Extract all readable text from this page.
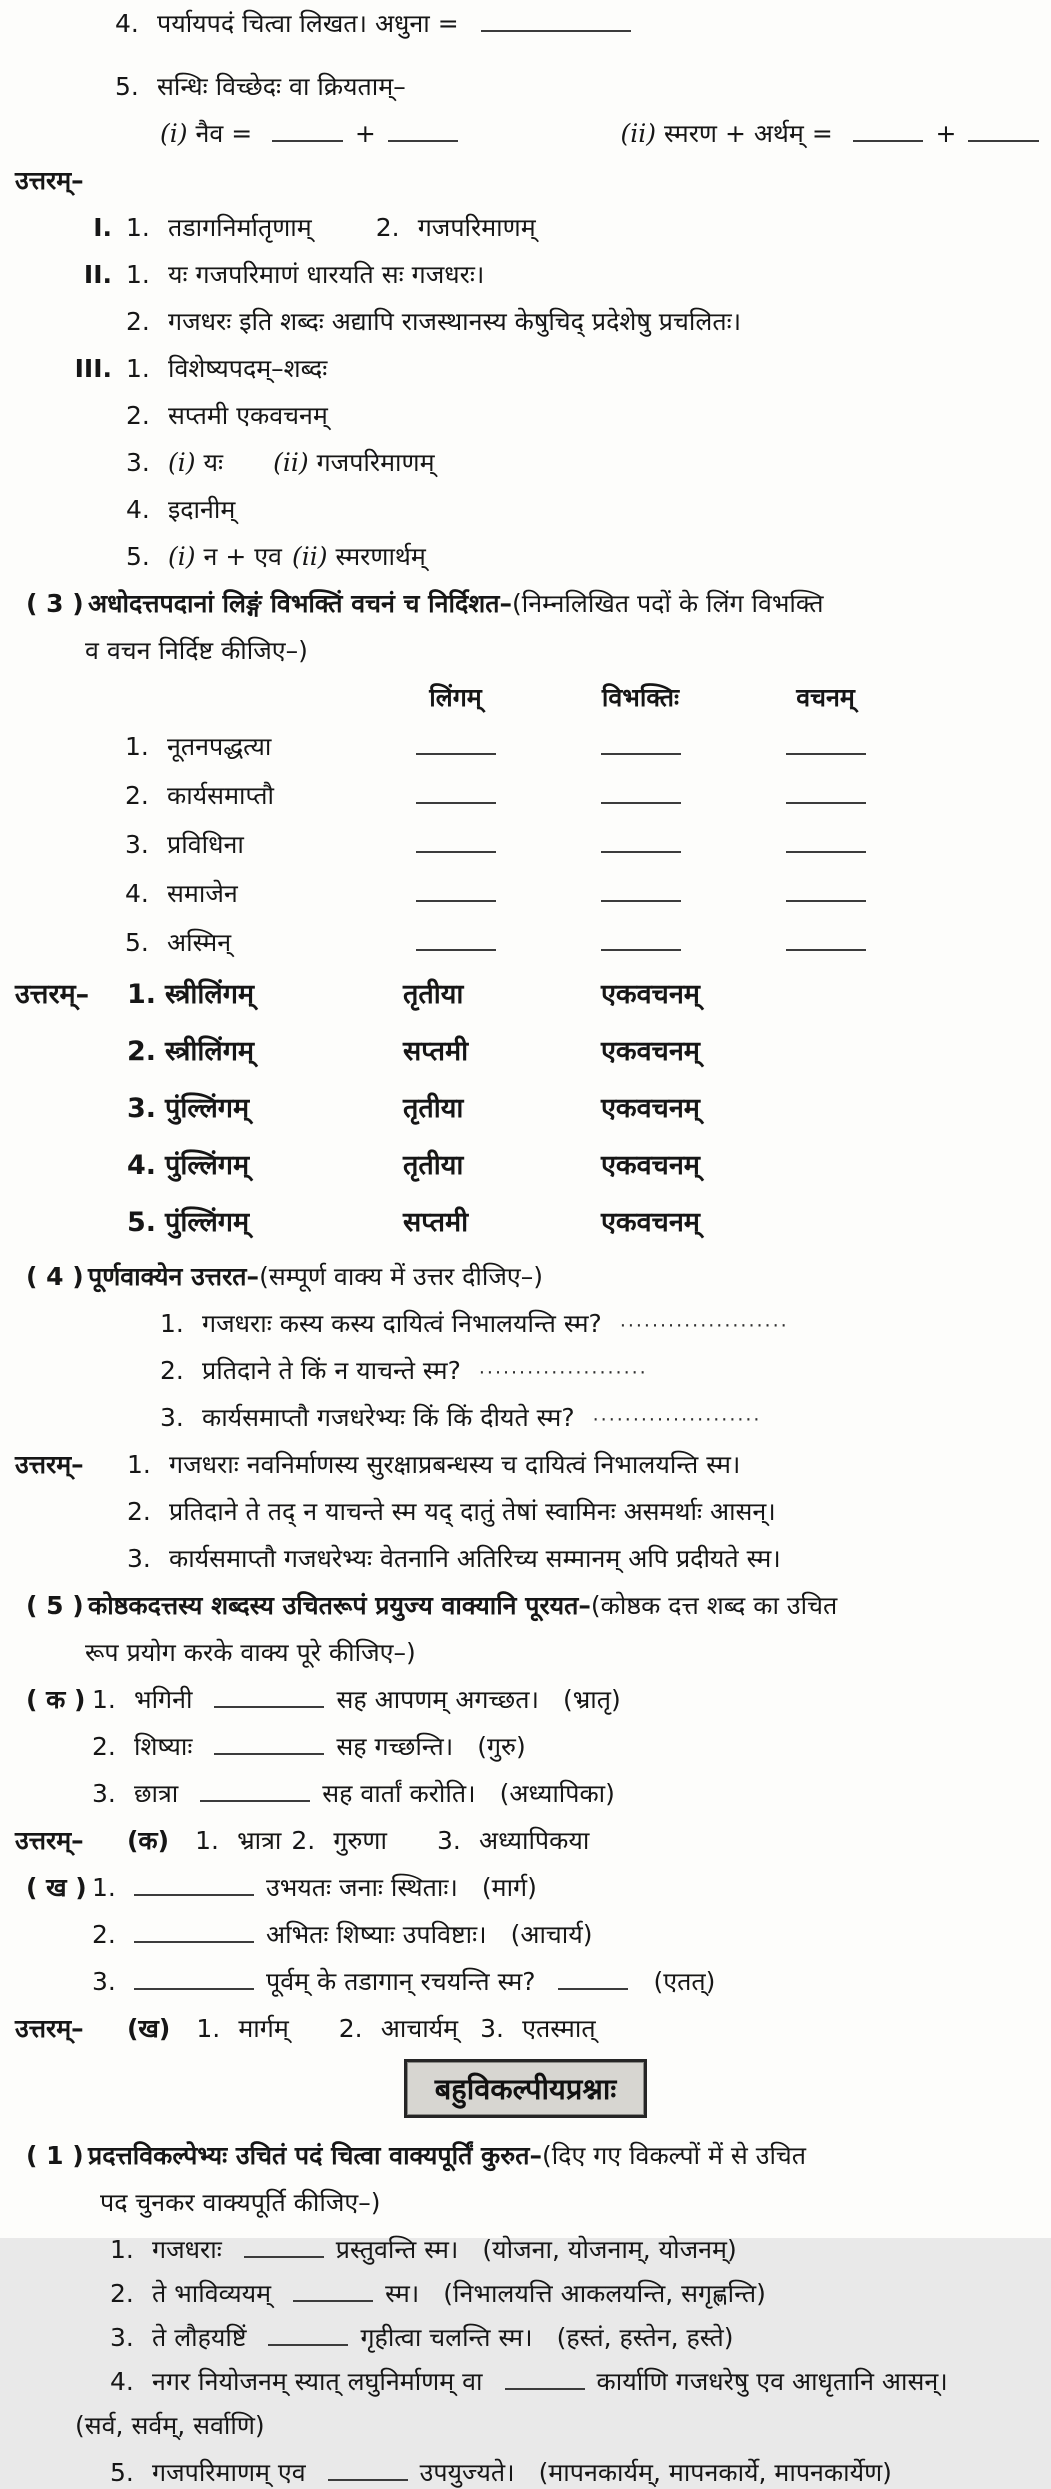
4. पर्यायपदं चित्वा लिखत। अधुना =
5. सन्धिः विच्छेदः वा क्रियताम्–
(i) नैव =	+	(ii) स्मरण + अर्थम् =	+
उत्तरम्–
I. 1. तडागनिर्मातृणाम्	2. गजपरिमाणम्
II. 1. यः गजपरिमाणं धारयति सः गजधरः।
2. गजधरः इति शब्दः अद्यापि राजस्थानस्य केषुचिद् प्रदेशेषु प्रचलितः।
III. 1. विशेष्यपदम्–शब्दः
2. सप्तमी एकवचनम्
3. (i) यः (ii) गजपरिमाणम्
4. इदानीम्
5. (i) न + एव (ii) स्मरणार्थम्
( 3 ) अधोदत्तपदानां लिङ्गं विभक्तिं वचनं च निर्दिशत– (निम्नलिखित पदों के लिंग विभक्ति
व वचन निर्दिष्ट कीजिए–)
लिंगम्	विभक्तिः	वचनम्
1. नूतनपद्धत्या
2. कार्यसमाप्तौ
3. प्रविधिना
4. समाजेन
5. अस्मिन्
उत्तरम्–	1. स्त्रीलिंगम्	तृतीया	एकवचनम्
2. स्त्रीलिंगम्	सप्तमी	एकवचनम्
3. पुंल्लिंगम्	तृतीया	एकवचनम्
4. पुंल्लिंगम्	तृतीया	एकवचनम्
5. पुंल्लिंगम्	सप्तमी	एकवचनम्
( 4 ) पूर्णवाक्येन उत्तरत– (सम्पूर्ण वाक्य में उत्तर दीजिए–)
1. गजधराः कस्य कस्य दायित्वं निभालयन्ति स्म? ·····················
2. प्रतिदाने ते किं न याचन्ते स्म? ·····················
3. कार्यसमाप्तौ गजधरेभ्यः किं किं दीयते स्म? ·····················
उत्तरम्–	1. गजधराः नवनिर्माणस्य सुरक्षाप्रबन्धस्य च दायित्वं निभालयन्ति स्म।
2. प्रतिदाने ते तद् न याचन्ते स्म यद् दातुं तेषां स्वामिनः असमर्थाः आसन्।
3. कार्यसमाप्तौ गजधरेभ्यः वेतनानि अतिरिच्य सम्मानम् अपि प्रदीयते स्म।
( 5 ) कोष्ठकदत्तस्य शब्दस्य उचितरूपं प्रयुज्य वाक्यानि पूरयत– (कोष्ठक दत्त शब्द का उचित
रूप प्रयोग करके वाक्य पूरे कीजिए–)
( क ) 1. भगिनी	सह आपणम् अगच्छत। (भ्रातृ)
2. शिष्याः	सह गच्छन्ति। (गुरु)
3. छात्रा	सह वार्तां करोति। (अध्यापिका)
उत्तरम्–	(क) 1. भ्रात्रा 2. गुरुणा 3. अध्यापिकया
( ख ) 1.	उभयतः जनाः स्थिताः। (मार्ग)
2.	अभितः शिष्याः उपविष्टाः। (आचार्य)
3.	पूर्वम् के तडागान् रचयन्ति स्म?	(एतत्)
उत्तरम्–	(ख) 1. मार्गम् 2. आचार्यम् 3. एतस्मात्
बहुविकल्पीयप्रश्नाः
( 1 ) प्रदत्तविकल्पेभ्यः उचितं पदं चित्वा वाक्यपूर्तिं कुरुत– (दिए गए विकल्पों में से उचित
पद चुनकर वाक्यपूर्ति कीजिए–)
1. गजधराः	प्रस्तुवन्ति स्म। (योजना, योजनाम्, योजनम्)
2. ते भाविव्ययम्	स्म। (निभालयत्ति आकलयन्ति, सगृह्णन्ति)
3. ते लौहयष्टिं	गृहीत्वा चलन्ति स्म। (हस्तं, हस्तेन, हस्ते)
4. नगर नियोजनम् स्यात् लघुनिर्माणम् वा	कार्याणि गजधरेषु एव आधृतानि आसन्।
(सर्व, सर्वम्, सर्वाणि)
5. गजपरिमाणम् एव	उपयुज्यते। (मापनकार्यम्, मापनकार्ये, मापनकार्येण)
